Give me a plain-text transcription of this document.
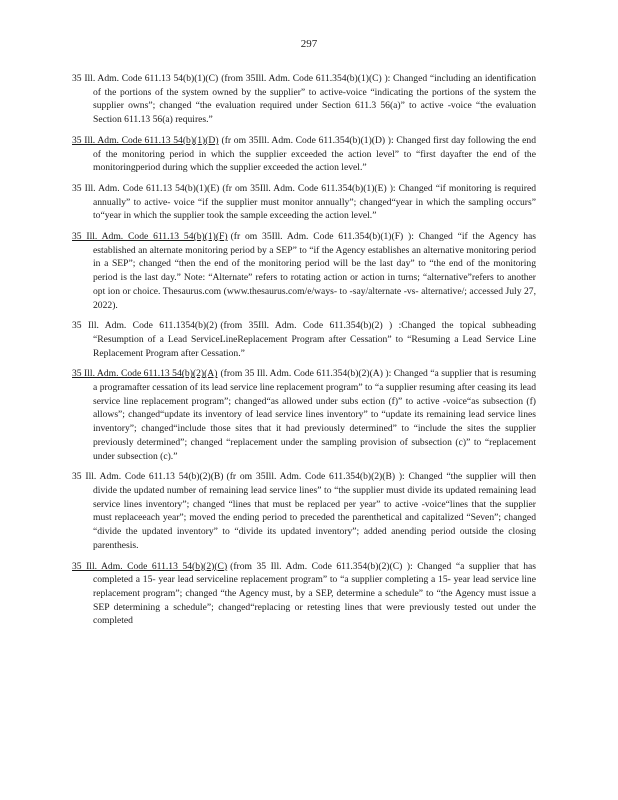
297

35 Ill. Adm. Code 611.13 54(b)(1)(C) (from 35Ill. Adm. Code 611.354(b)(1)(C) ): Changed “including an identification of the portions of the system owned by the supplier” to active-voice “indicating the portions of the system the supplier owns”; changed “the evaluation required under Section 611.3 56(a)” to active -voice “the evaluation Section 611.13 56(a) requires.”

35 Ill. Adm. Code 611.13 54(b)(1)(D) (fr om 35Ill. Adm. Code 611.354(b)(1)(D) ): Changed first day following the end of the monitoring period in which the supplier exceeded the action level” to “first dayafter the end of the monitoringperiod during which the supplier exceeded the action level.”

35 Ill. Adm. Code 611.13 54(b)(1)(E) (fr om 35Ill. Adm. Code 611.354(b)(1)(E) ): Changed “if monitoring is required annually” to active- voice “if the supplier must monitor annually”; changed“year in which the sampling occurs” to“year in which the supplier took the sample exceeding the action level.”

35 Ill. Adm. Code 611.13 54(b)(1)(F) (fr om 35Ill. Adm. Code 611.354(b)(1)(F) ): Changed “if the Agency has established an alternate monitoring period by a SEP” to “if the Agency establishes an alternative monitoring period in a SEP”; changed “then the end of the monitoring period will be the last day” to “the end of the monitoring period is the last day.” Note: “Alternate” refers to rotating action or action in turns; “alternative”refers to another opt ion or choice. Thesaurus.com (www.thesaurus.com/e/ways- to -say/alternate -vs- alternative/; accessed July 27, 2022).

35 Ill. Adm. Code 611.1354(b)(2) (from 35Ill. Adm. Code 611.354(b)(2) ) :Changed the topical subheading “Resumption of a Lead ServiceLineReplacement Program after Cessation” to “Resuming a Lead Service Line Replacement Program after Cessation.”

35 Ill. Adm. Code 611.13 54(b)(2)(A) (from 35 Ill. Adm. Code 611.354(b)(2)(A) ): Changed “a supplier that is resuming a programafter cessation of its lead service line replacement program” to “a supplier resuming after ceasing its lead service line replacement program”; changed“as allowed under subs ection (f)” to active -voice“as subsection (f) allows”; changed“update its inventory of lead service lines inventory” to “update its remaining lead service lines inventory”; changed“include those sites that it had previously determined” to “include the sites the supplier previously determined”; changed “replacement under the sampling provision of subsection (c)” to “replacement under subsection (c).”

35 Ill. Adm. Code 611.13 54(b)(2)(B) (fr om 35Ill. Adm. Code 611.354(b)(2)(B) ): Changed “the supplier will then divide the updated number of remaining lead service lines” to “the supplier must divide its updated remaining lead service lines inventory”; changed “lines that must be replaced per year” to active -voice“lines that the supplier must replaceeach year”; moved the ending period to preceded the parenthetical and capitalized “Seven”; changed “divide the updated inventory” to “divide its updated inventory”; added anending period outside the closing parenthesis.

35 Ill. Adm. Code 611.13 54(b)(2)(C) (from 35 Ill. Adm. Code 611.354(b)(2)(C) ): Changed “a supplier that has completed a 15- year lead serviceline replacement program” to “a supplier completing a 15- year lead service line replacement program”; changed “the Agency must, by a SEP, determine a schedule” to “the Agency must issue a SEP determining a schedule”; changed“replacing or retesting lines that were previously tested out under the completed
